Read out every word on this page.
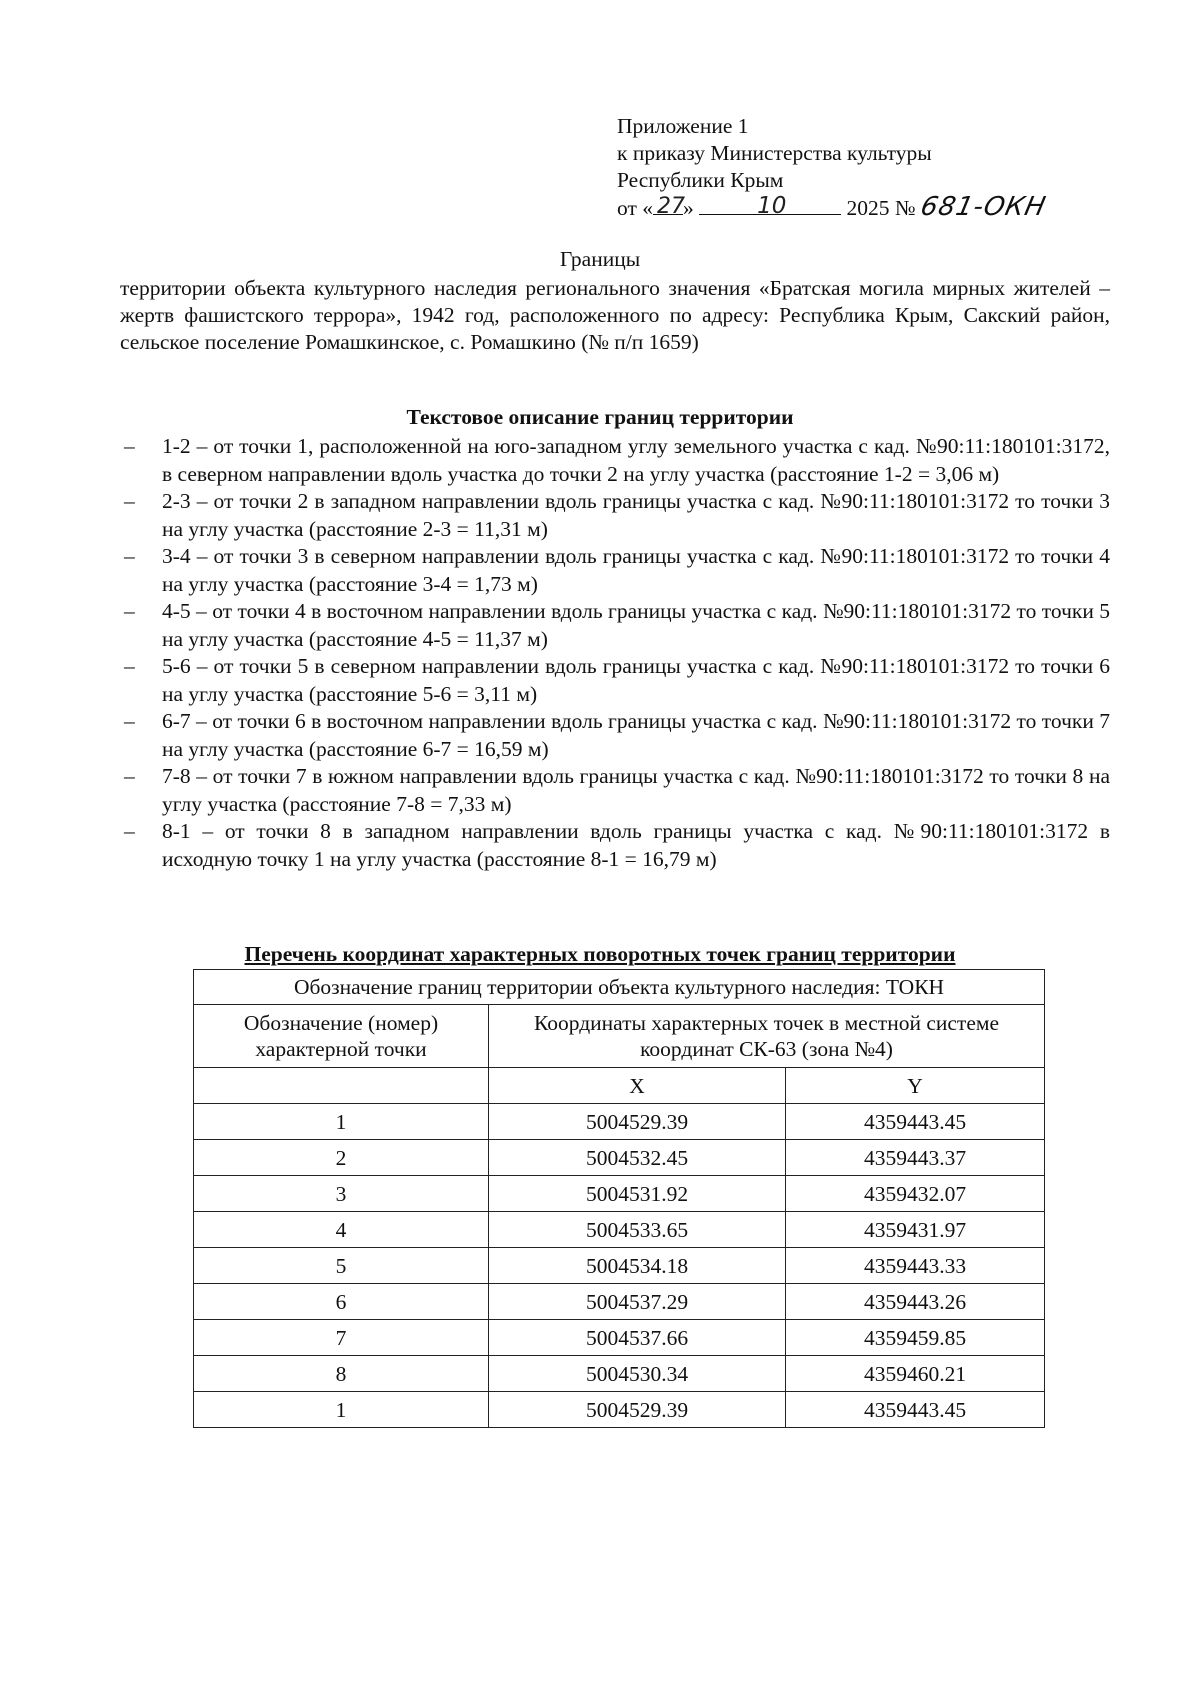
Приложение 1
к приказу Министерства культуры
Республики Крым
от « 27
»	10	2025 № 681-ОКН
Границы
территории объекта культурного наследия регионального значения «Братская могила мирных жителей – жертв фашистского террора», 1942 год, расположенного по адресу: Республика Крым, Сакский район, сельское поселение Ромашкинское, с. Ромашкино (№ п/п 1659)
Текстовое описание границ территории
– 1-2 – от точки 1, расположенной на юго-западном углу земельного участка с кад. №90:11:180101:3172, в северном направлении вдоль участка до точки 2 на углу участка (расстояние 1-2 = 3,06 м)
– 2-3 – от точки 2 в западном направлении вдоль границы участка с кад. №90:11:180101:3172 то точки 3 на углу участка (расстояние 2-3 = 11,31 м)
– 3-4 – от точки 3 в северном направлении вдоль границы участка с кад. №90:11:180101:3172 то точки 4 на углу участка (расстояние 3-4 = 1,73 м)
– 4-5 – от точки 4 в восточном направлении вдоль границы участка с кад. №90:11:180101:3172 то точки 5 на углу участка (расстояние 4-5 = 11,37 м)
– 5-6 – от точки 5 в северном направлении вдоль границы участка с кад. №90:11:180101:3172 то точки 6 на углу участка (расстояние 5-6 = 3,11 м)
– 6-7 – от точки 6 в восточном направлении вдоль границы участка с кад. №90:11:180101:3172 то точки 7 на углу участка (расстояние 6-7 = 16,59 м)
– 7-8 – от точки 7 в южном направлении вдоль границы участка с кад. №90:11:180101:3172 то точки 8 на углу участка (расстояние 7-8 = 7,33 м)
– 8-1 – от точки 8 в западном направлении вдоль границы участка с кад. №90:11:180101:3172 в исходную точку 1 на углу участка (расстояние 8-1 = 16,79 м)
Перечень координат характерных поворотных точек границ территории
Обозначение границ территории объекта культурного наследия: ТОКН		
Обозначение (номер) характерной точки	Координаты характерных точек в местной системе координат СК-63 (зона №4)	
	X	Y
1	5004529.39	4359443.45
2	5004532.45	4359443.37
3	5004531.92	4359432.07
4	5004533.65	4359431.97
5	5004534.18	4359443.33
6	5004537.29	4359443.26
7	5004537.66	4359459.85
8	5004530.34	4359460.21
1	5004529.39	4359443.45
